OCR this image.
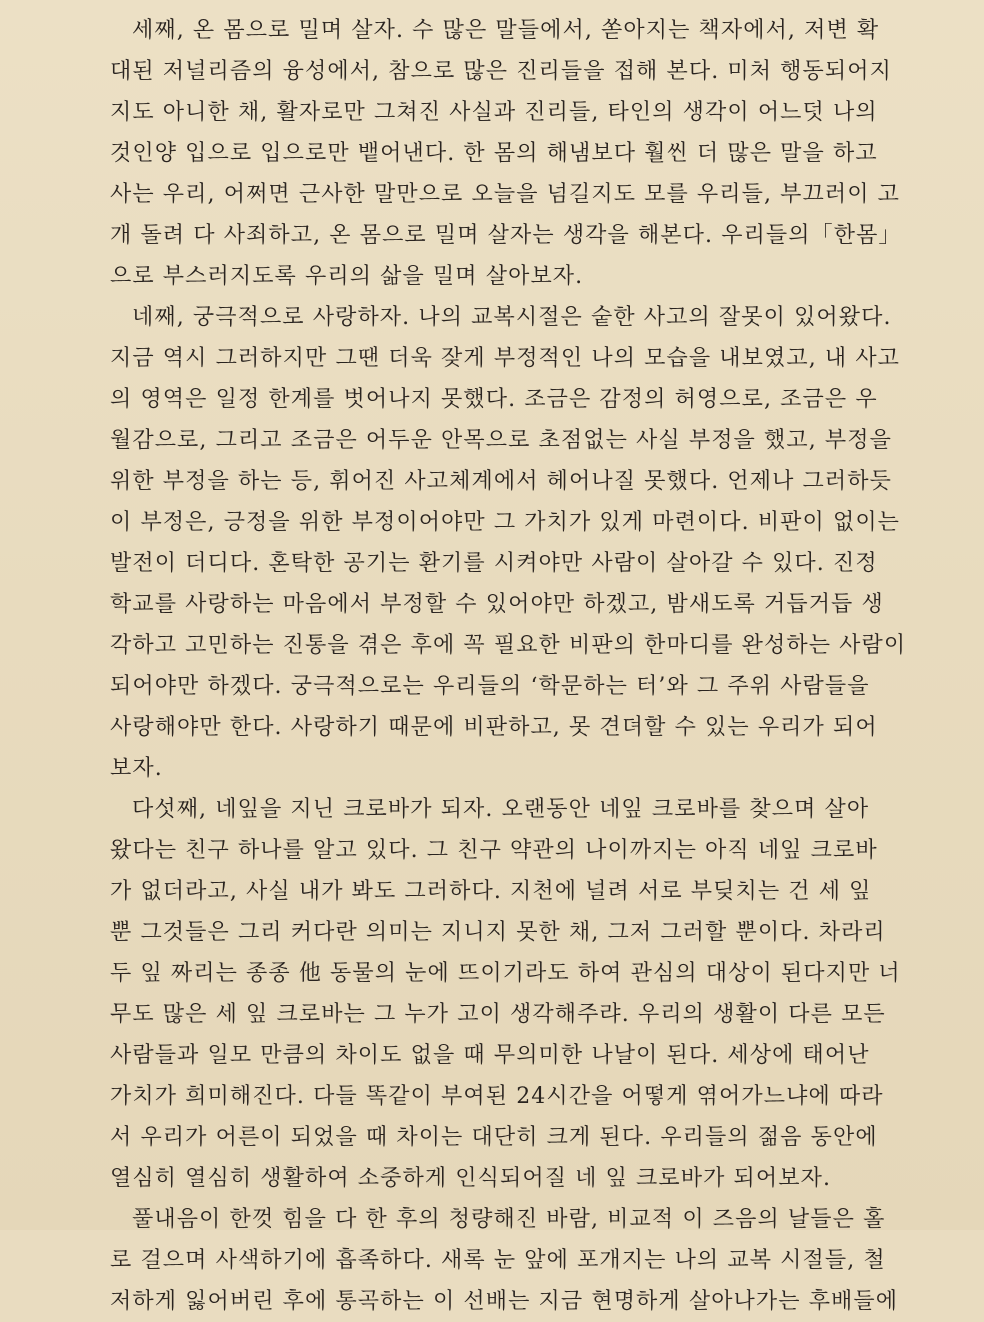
세째, 온 몸으로 밀며 살자. 수 많은 말들에서, 쏟아지는 책자에서, 저변 확
대된 저널리즘의 융성에서, 참으로 많은 진리들을 접해 본다. 미처 행동되어지
지도 아니한 채, 활자로만 그쳐진 사실과 진리들, 타인의 생각이 어느덧 나의
것인양 입으로 입으로만 뱉어낸다. 한 몸의 해냄보다 훨씬 더 많은 말을 하고
사는 우리, 어쩌면 근사한 말만으로 오늘을 넘길지도 모를 우리들, 부끄러이 고
개 돌려 다 사죄하고, 온 몸으로 밀며 살자는 생각을 해본다. 우리들의「한몸」
으로 부스러지도록 우리의 삶을 밀며 살아보자.
네째, 궁극적으로 사랑하자. 나의 교복시절은 숱한 사고의 잘못이 있어왔다.
지금 역시 그러하지만 그땐 더욱 잦게 부정적인 나의 모습을 내보였고, 내 사고
의 영역은 일정 한계를 벗어나지 못했다. 조금은 감정의 허영으로, 조금은 우
월감으로, 그리고 조금은 어두운 안목으로 초점없는 사실 부정을 했고, 부정을
위한 부정을 하는 등, 휘어진 사고체계에서 헤어나질 못했다. 언제나 그러하듯
이 부정은, 긍정을 위한 부정이어야만 그 가치가 있게 마련이다. 비판이 없이는
발전이 더디다. 혼탁한 공기는 환기를 시켜야만 사람이 살아갈 수 있다. 진정
학교를 사랑하는 마음에서 부정할 수 있어야만 하겠고, 밤새도록 거듭거듭 생
각하고 고민하는 진통을 겪은 후에 꼭 필요한 비판의 한마디를 완성하는 사람이
되어야만 하겠다. 궁극적으로는 우리들의 ‘학문하는 터’와 그 주위 사람들을
사랑해야만 한다. 사랑하기 때문에 비판하고, 못 견뎌할 수 있는 우리가 되어
보자.
다섯째, 네잎을 지닌 크로바가 되자. 오랜동안 네잎 크로바를 찾으며 살아
왔다는 친구 하나를 알고 있다. 그 친구 약관의 나이까지는 아직 네잎 크로바
가 없더라고, 사실 내가 봐도 그러하다. 지천에 널려 서로 부딪치는 건 세 잎
뿐 그것들은 그리 커다란 의미는 지니지 못한 채, 그저 그러할 뿐이다. 차라리
두 잎 짜리는 종종 他 동물의 눈에 뜨이기라도 하여 관심의 대상이 된다지만 너
무도 많은 세 잎 크로바는 그 누가 고이 생각해주랴. 우리의 생활이 다른 모든
사람들과 일모 만큼의 차이도 없을 때 무의미한 나날이 된다. 세상에 태어난
가치가 희미해진다. 다들 똑같이 부여된 24시간을 어떻게 엮어가느냐에 따라
서 우리가 어른이 되었을 때 차이는 대단히 크게 된다. 우리들의 젊음 동안에
열심히 열심히 생활하여 소중하게 인식되어질 네 잎 크로바가 되어보자.
풀내음이 한껏 힘을 다 한 후의 청량해진 바람, 비교적 이 즈음의 날들은 홀
로 걸으며 사색하기에 흡족하다. 새록 눈 앞에 포개지는 나의 교복 시절들, 철
저하게 잃어버린 후에 통곡하는 이 선배는 지금 현명하게 살아나가는 후배들에
